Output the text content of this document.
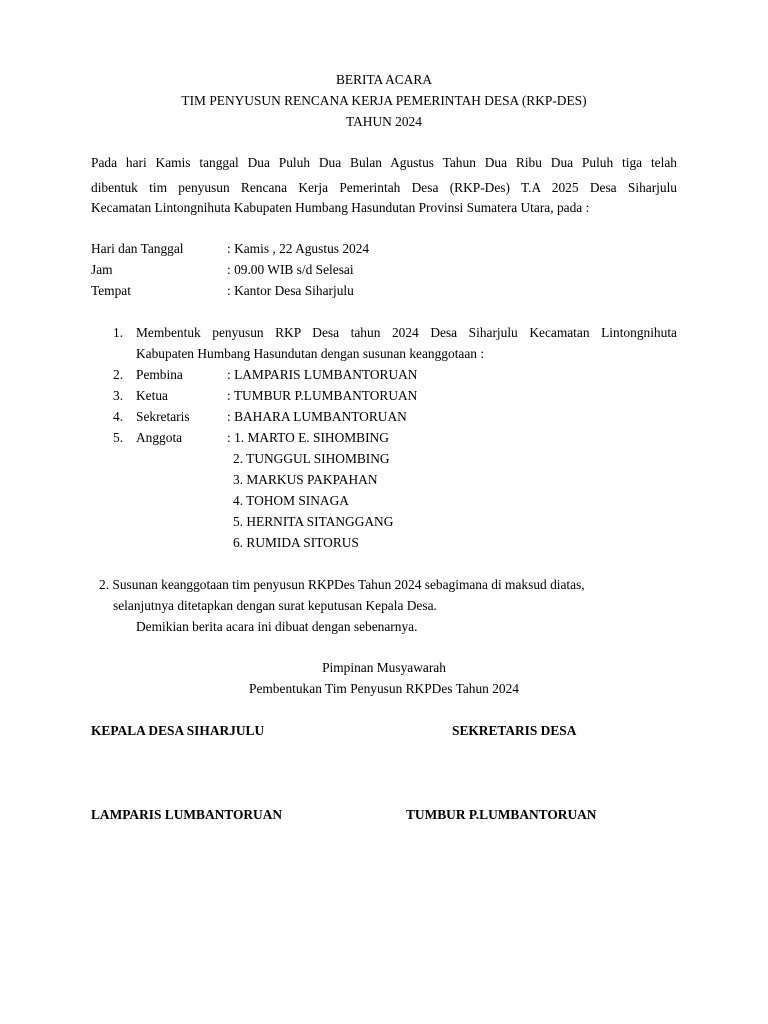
BERITA ACARA
TIM PENYUSUN RENCANA KERJA PEMERINTAH DESA (RKP-DES)
TAHUN 2024
Pada hari Kamis tanggal Dua Puluh Dua Bulan Agustus Tahun Dua Ribu Dua Puluh tiga telah
dibentuk tim penyusun Rencana Kerja Pemerintah Desa (RKP-Des) T.A 2025 Desa Siharjulu
Kecamatan Lintongnihuta Kabupaten Humbang Hasundutan Provinsi Sumatera Utara, pada :
Hari dan Tanggal	: Kamis , 22 Agustus 2024
Jam	: 09.00 WIB s/d Selesai
Tempat	: Kantor Desa Siharjulu
1. Membentuk penyusun RKP Desa tahun 2024 Desa Siharjulu Kecamatan Lintongnihuta
Kabupaten Humbang Hasundutan dengan susunan keanggotaan :
2. Pembina	: LAMPARIS LUMBANTORUAN
3. Ketua	: TUMBUR P.LUMBANTORUAN
4. Sekretaris	: BAHARA LUMBANTORUAN
5. Anggota	: 1. MARTO E. SIHOMBING
2. TUNGGUL SIHOMBING
3. MARKUS PAKPAHAN
4. TOHOM SINAGA
5. HERNITA SITANGGANG
6. RUMIDA SITORUS
2. Susunan keanggotaan tim penyusun RKPDes Tahun 2024 sebagimana di maksud diatas,
selanjutnya ditetapkan dengan surat keputusan Kepala Desa.
Demikian berita acara ini dibuat dengan sebenarnya.
Pimpinan Musyawarah
Pembentukan Tim Penyusun RKPDes Tahun 2024
KEPALA DESA SIHARJULU	SEKRETARIS DESA
LAMPARIS LUMBANTORUAN	TUMBUR P.LUMBANTORUAN
